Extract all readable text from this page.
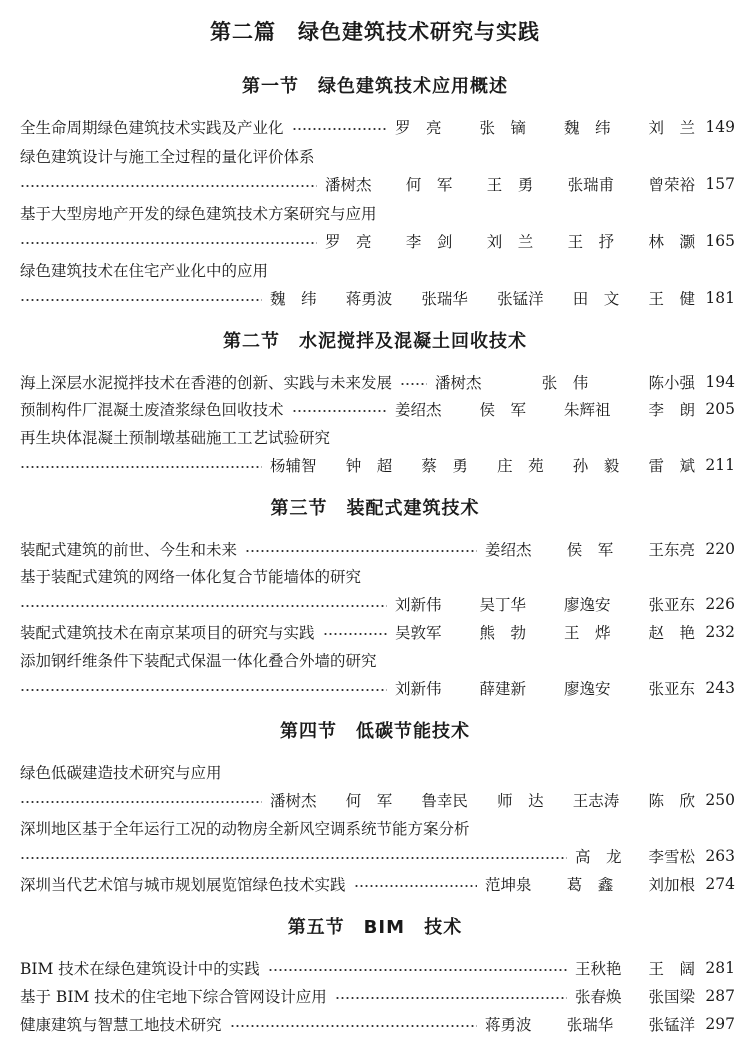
第二篇　绿色建筑技术研究与实践
第一节　绿色建筑技术应用概述
全生命周期绿色建筑技术实践及产业化	罗　亮 张　镝 魏　纬 刘　兰 149
绿色建筑设计与施工全过程的量化评价体系
潘树杰 何　军 王　勇 张瑞甫 曾荣裕 157
基于大型房地产开发的绿色建筑技术方案研究与应用
罗　亮 李　剑 刘　兰 王　抒 林　灏 165
绿色建筑技术在住宅产业化中的应用
魏　纬 蒋勇波 张瑞华 张锰洋 田　文 王　健 181
第二节　水泥搅拌及混凝土回收技术
海上深层水泥搅拌技术在香港的创新、实践与未来发展	潘树杰	张　伟	陈小强 194
预制构件厂混凝土废渣浆绿色回收技术	姜绍杰 侯　军 朱辉祖 李　朗 205
再生块体混凝土预制墩基础施工工艺试验研究
杨辅智 钟　超 蔡　勇 庄　苑 孙　毅 雷　斌 211
第三节　装配式建筑技术
装配式建筑的前世、今生和未来	姜绍杰 侯　军 王东亮 220
基于装配式建筑的网络一体化复合节能墙体的研究
刘新伟 吴丁华 廖逸安 张亚东 226
装配式建筑技术在南京某项目的研究与实践	吴敦军 熊　勃 王　烨 赵　艳 232
添加钢纤维条件下装配式保温一体化叠合外墙的研究
刘新伟 薛建新 廖逸安 张亚东 243
第四节　低碳节能技术
绿色低碳建造技术研究与应用
潘树杰 何　军 鲁幸民 师　达 王志涛 陈　欣 250
深圳地区基于全年运行工况的动物房全新风空调系统节能方案分析
高　龙 李雪松 263
深圳当代艺术馆与城市规划展览馆绿色技术实践	范坤泉 葛　鑫 刘加根 274
第五节　BIM 技术
BIM 技术在绿色建筑设计中的实践	王秋艳 王　阔 281
基于 BIM 技术的住宅地下综合管网设计应用	张春焕 张国梁 287
健康建筑与智慧工地技术研究	蒋勇波 张瑞华 张锰洋 297
